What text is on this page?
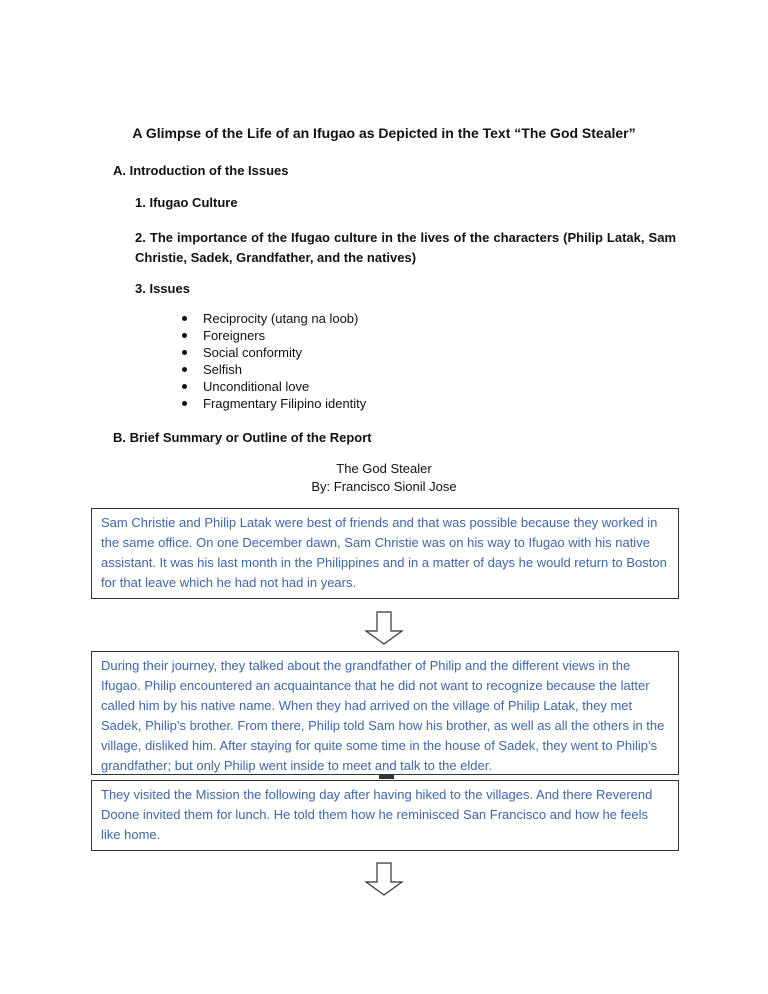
A Glimpse of the Life of an Ifugao as Depicted in the Text “The God Stealer”
A. Introduction of the Issues
1. Ifugao Culture
2. The importance of the Ifugao culture in the lives of the characters (Philip Latak, Sam Christie, Sadek, Grandfather, and the natives)
3. Issues
Reciprocity (utang na loob)
Foreigners
Social conformity
Selfish
Unconditional love
Fragmentary Filipino identity
B. Brief Summary or Outline of the Report
The God Stealer
By: Francisco Sionil Jose
Sam Christie and Philip Latak were best of friends and that was possible because they worked in the same office. On one December dawn, Sam Christie was on his way to Ifugao with his native assistant. It was his last month in the Philippines and in a matter of days he would return to Boston for that leave which he had not had in years.
During their journey, they talked about the grandfather of Philip and the different views in the Ifugao. Philip encountered an acquaintance that he did not want to recognize because the latter called him by his native name. When they had arrived on the village of Philip Latak, they met Sadek, Philip’s brother. From there, Philip told Sam how his brother, as well as all the others in the village, disliked him. After staying for quite some time in the house of Sadek, they went to Philip’s grandfather; but only Philip went inside to meet and talk to the elder.
They visited the Mission the following day after having hiked to the villages. And there Reverend Doone invited them for lunch. He told them how he reminisced San Francisco and how he feels like home.
